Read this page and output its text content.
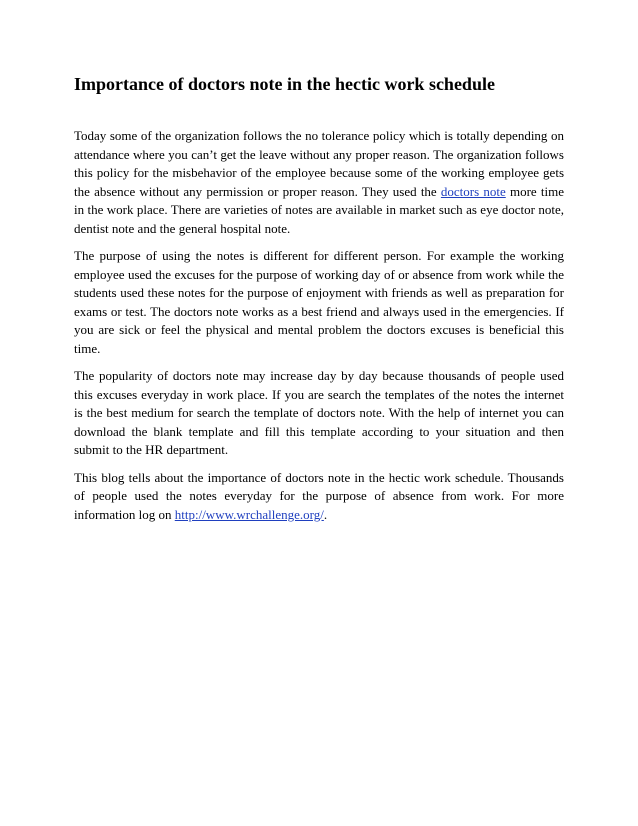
Importance of doctors note in the hectic work schedule

Today some of the organization follows the no tolerance policy which is totally depending on attendance where you can’t get the leave without any proper reason. The organization follows this policy for the misbehavior of the employee because some of the working employee gets the absence without any permission or proper reason. They used the doctors note more time in the work place. There are varieties of notes are available in market such as eye doctor note, dentist note and the general hospital note.

The purpose of using the notes is different for different person. For example the working employee used the excuses for the purpose of working day of or absence from work while the students used these notes for the purpose of enjoyment with friends as well as preparation for exams or test. The doctors note works as a best friend and always used in the emergencies. If you are sick or feel the physical and mental problem the doctors excuses is beneficial this time.

The popularity of doctors note may increase day by day because thousands of people used this excuses everyday in work place. If you are search the templates of the notes the internet is the best medium for search the template of doctors note. With the help of internet you can download the blank template and fill this template according to your situation and then submit to the HR department.

This blog tells about the importance of doctors note in the hectic work schedule. Thousands of people used the notes everyday for the purpose of absence from work. For more information log on http://www.wrchallenge.org/.
